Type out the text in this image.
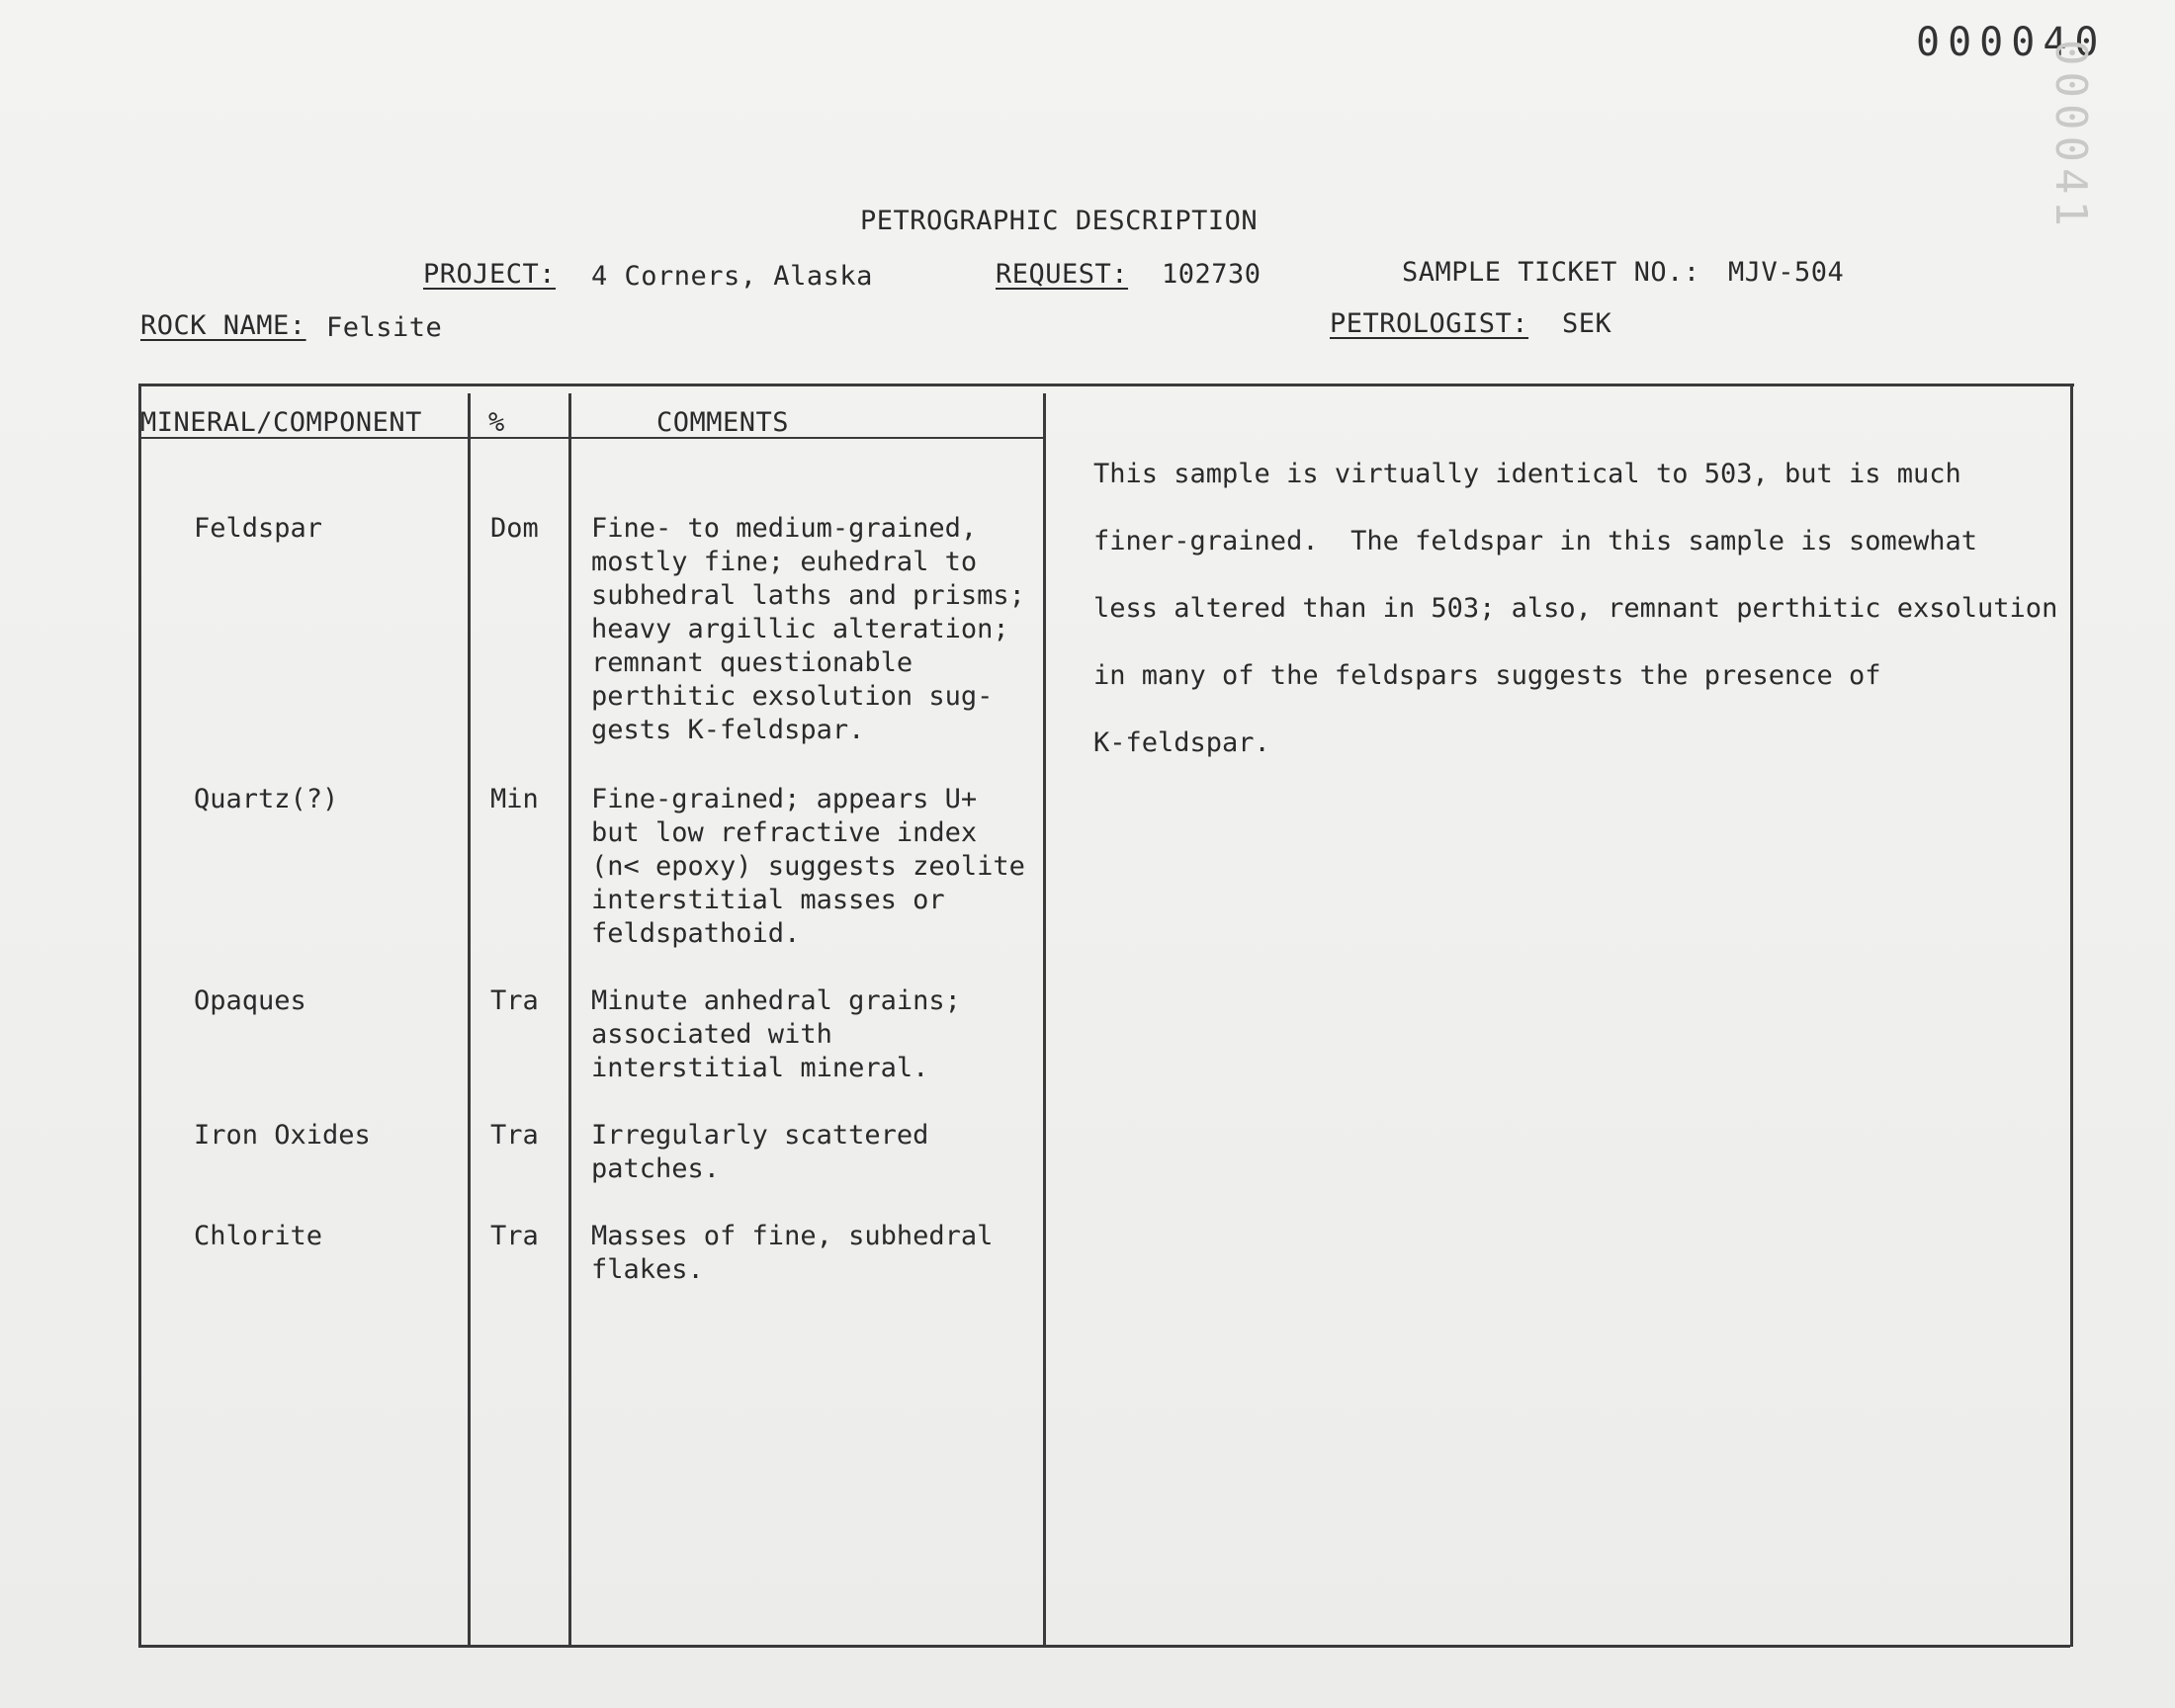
000040
000041
PETROGRAPHIC DESCRIPTION
PROJECT: 4 Corners, Alaska	REQUEST: 102730	SAMPLE TICKET NO.: MJV-504
ROCK NAME: Felsite	PETROLOGIST: SEK
MINERAL/COMPONENT %	COMMENTS
Feldspar	Dom Fine- to medium-grained,
mostly fine; euhedral to
subhedral laths and prisms;
heavy argillic alteration;
remnant questionable
perthitic exsolution sug-
gests K-feldspar.
Quartz(?)	Min Fine-grained; appears U+
but low refractive index
(n< epoxy) suggests zeolite
interstitial masses or
feldspathoid.
Opaques	Tra Minute anhedral grains;
associated with
interstitial mineral.
Iron Oxides	Tra Irregularly scattered
patches.
Chlorite	Tra Masses of fine, subhedral
flakes.
This sample is virtually identical to 503, but is much
finer-grained.  The feldspar in this sample is somewhat
less altered than in 503; also, remnant perthitic exsolution
in many of the feldspars suggests the presence of
K-feldspar.
